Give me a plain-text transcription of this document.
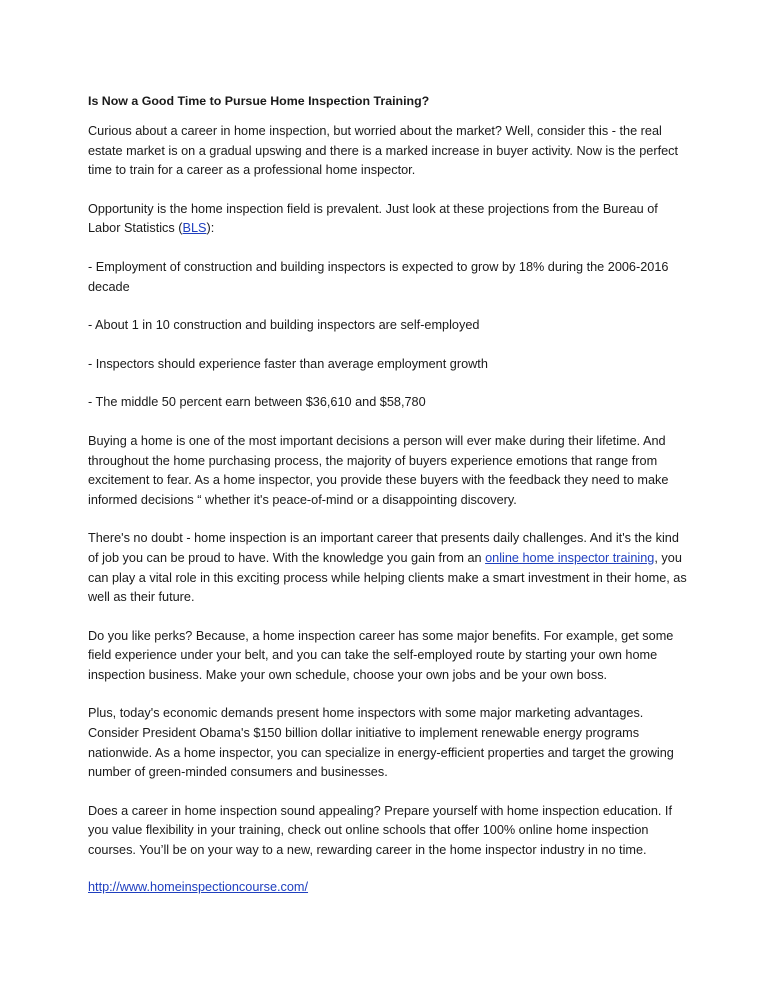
Is Now a Good Time to Pursue Home Inspection Training?

Curious about a career in home inspection, but worried about the market? Well, consider this - the real estate market is on a gradual upswing and there is a marked increase in buyer activity. Now is the perfect time to train for a career as a professional home inspector.

Opportunity is the home inspection field is prevalent. Just look at these projections from the Bureau of Labor Statistics (BLS):

- Employment of construction and building inspectors is expected to grow by 18% during the 2006-2016 decade

- About 1 in 10 construction and building inspectors are self-employed

- Inspectors should experience faster than average employment growth

- The middle 50 percent earn between $36,610 and $58,780

Buying a home is one of the most important decisions a person will ever make during their lifetime. And throughout the home purchasing process, the majority of buyers experience emotions that range from excitement to fear. As a home inspector, you provide these buyers with the feedback they need to make informed decisions “ whether it's peace-of-mind or a disappointing discovery.

There's no doubt - home inspection is an important career that presents daily challenges. And it's the kind of job you can be proud to have. With the knowledge you gain from an online home inspector training, you can play a vital role in this exciting process while helping clients make a smart investment in their home, as well as their future.

Do you like perks? Because, a home inspection career has some major benefits. For example, get some field experience under your belt, and you can take the self-employed route by starting your own home inspection business. Make your own schedule, choose your own jobs and be your own boss.

Plus, today's economic demands present home inspectors with some major marketing advantages. Consider President Obama's $150 billion dollar initiative to implement renewable energy programs nationwide. As a home inspector, you can specialize in energy-efficient properties and target the growing number of green-minded consumers and businesses.

Does a career in home inspection sound appealing? Prepare yourself with home inspection education. If you value flexibility in your training, check out online schools that offer 100% online home inspection courses. You’ll be on your way to a new, rewarding career in the home inspector industry in no time.

http://www.homeinspectioncourse.com/
